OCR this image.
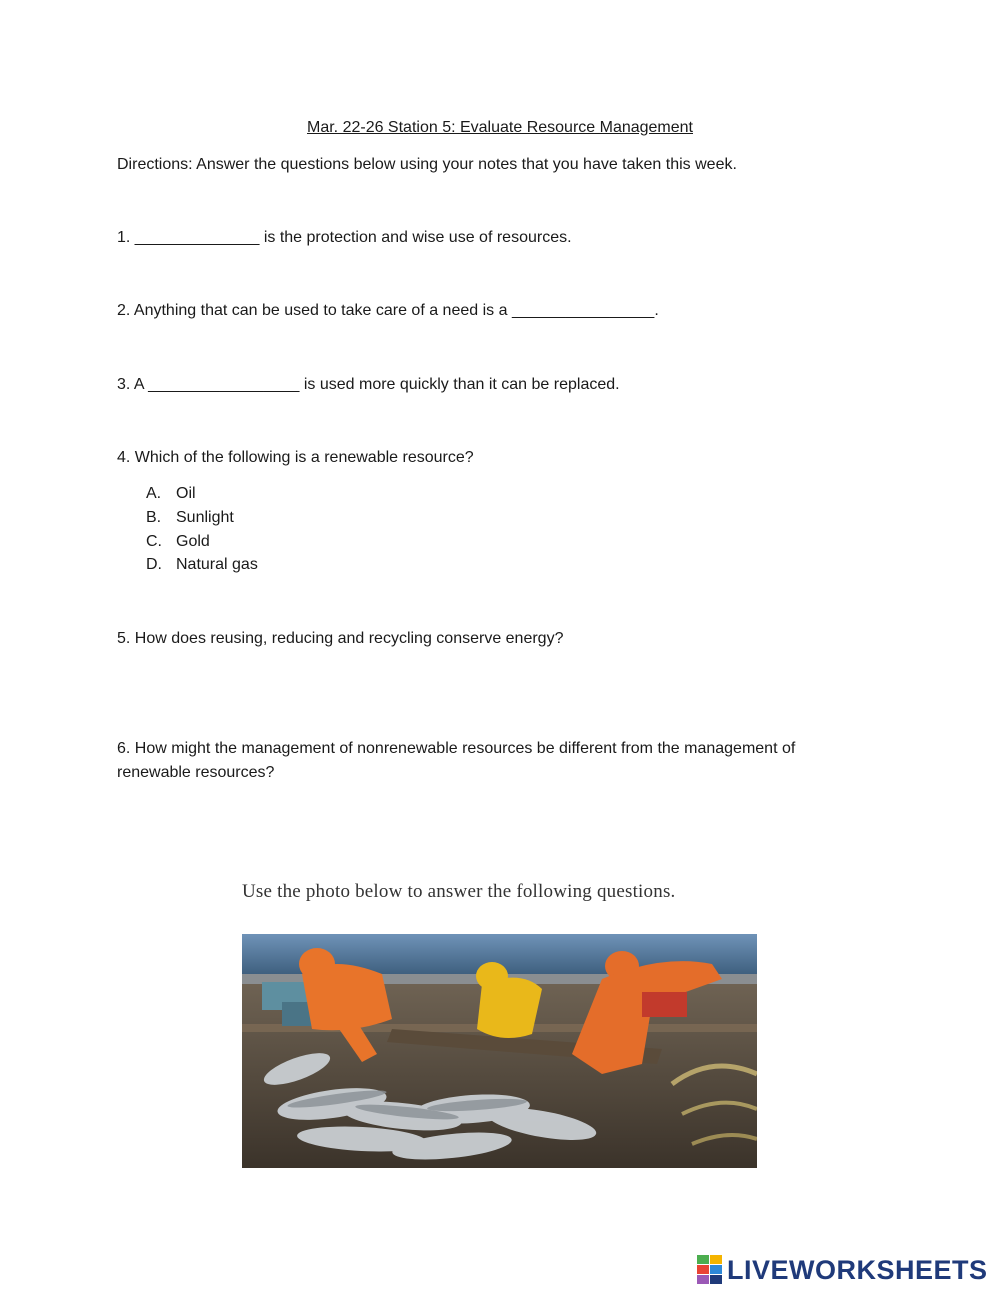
Mar. 22-26 Station 5: Evaluate Resource Management
Directions: Answer the questions below using your notes that you have taken this week.
1. ______________ is the protection and wise use of resources.
2. Anything that can be used to take care of a need is a ________________.
3. A _________________ is used more quickly than it can be replaced.
4. Which of the following is a renewable resource?
A. Oil
B. Sunlight
C. Gold
D. Natural gas
5. How does reusing, reducing and recycling conserve energy?
6. How might the management of nonrenewable resources be different from the management of
renewable resources?
Use the photo below to answer the following questions.
LIVEWORKSHEETS
